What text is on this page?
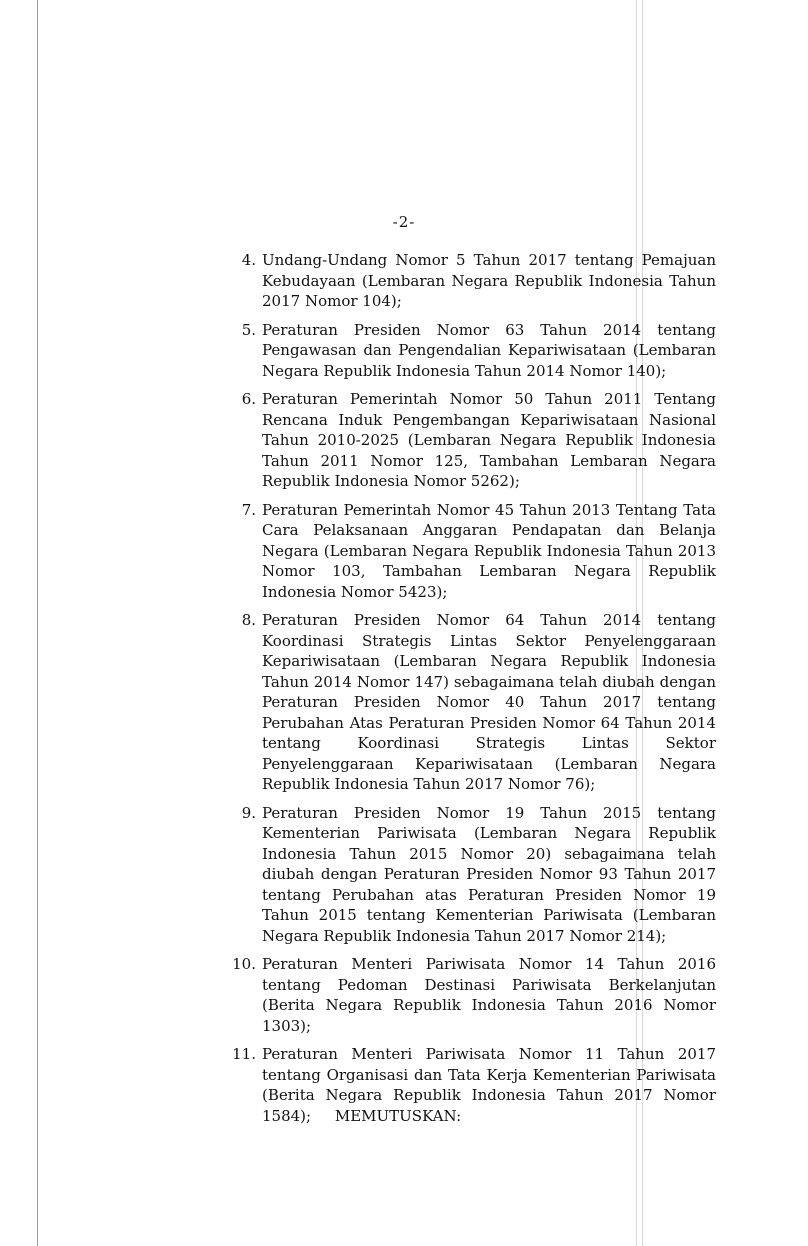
-2-
4. Undang-Undang Nomor 5 Tahun 2017 tentang Pemajuan Kebudayaan (Lembaran Negara Republik Indonesia Tahun 2017 Nomor 104);
5. Peraturan Presiden Nomor 63 Tahun 2014 tentang Pengawasan dan Pengendalian Kepariwisataan (Lembaran Negara Republik Indonesia Tahun 2014 Nomor 140);
6. Peraturan Pemerintah Nomor 50 Tahun 2011 Tentang Rencana Induk Pengembangan Kepariwisataan Nasional Tahun 2010-2025 (Lembaran Negara Republik Indonesia Tahun 2011 Nomor 125, Tambahan Lembaran Negara Republik Indonesia Nomor 5262);
7. Peraturan Pemerintah Nomor 45 Tahun 2013 Tentang Tata Cara Pelaksanaan Anggaran Pendapatan dan Belanja Negara (Lembaran Negara Republik Indonesia Tahun 2013 Nomor 103, Tambahan Lembaran Negara Republik Indonesia Nomor 5423);
8. Peraturan Presiden Nomor 64 Tahun 2014 tentang Koordinasi Strategis Lintas Sektor Penyelenggaraan Kepariwisataan (Lembaran Negara Republik Indonesia Tahun 2014 Nomor 147) sebagaimana telah diubah dengan Peraturan Presiden Nomor 40 Tahun 2017 tentang Perubahan Atas Peraturan Presiden Nomor 64 Tahun 2014 tentang Koordinasi Strategis Lintas Sektor Penyelenggaraan Kepariwisataan (Lembaran Negara Republik Indonesia Tahun 2017 Nomor 76);
9. Peraturan Presiden Nomor 19 Tahun 2015 tentang Kementerian Pariwisata (Lembaran Negara Republik Indonesia Tahun 2015 Nomor 20) sebagaimana telah diubah dengan Peraturan Presiden Nomor 93 Tahun 2017 tentang Perubahan atas Peraturan Presiden Nomor 19 Tahun 2015 tentang Kementerian Pariwisata (Lembaran Negara Republik Indonesia Tahun 2017 Nomor 214);
10. Peraturan Menteri Pariwisata Nomor 14 Tahun 2016 tentang Pedoman Destinasi Pariwisata Berkelanjutan (Berita Negara Republik Indonesia Tahun 2016 Nomor 1303);
11. Peraturan Menteri Pariwisata Nomor 11 Tahun 2017 tentang Organisasi dan Tata Kerja Kementerian Pariwisata (Berita Negara Republik Indonesia Tahun 2017 Nomor 1584);	MEMUTUSKAN:
